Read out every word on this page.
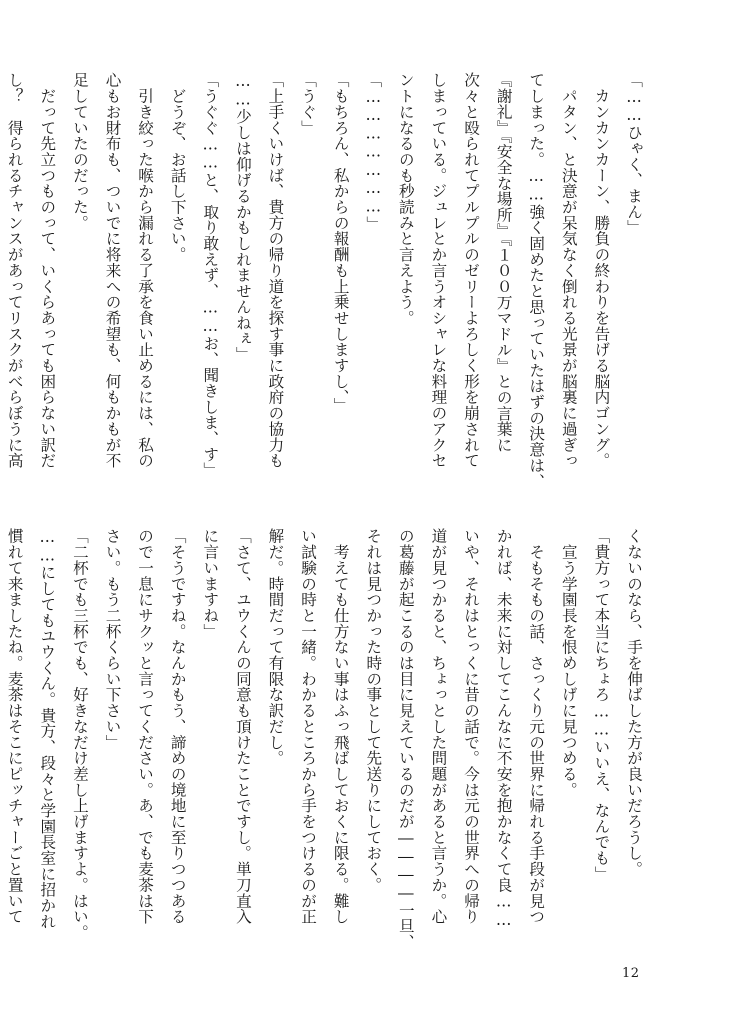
「……ひゃく、まん」
　カンカンカーン、勝負の終わりを告げる脳内ゴング。
　パタン、と決意が呆気なく倒れる光景が脳裏に過ぎっ
てしまった。……強く固めたと思っていたはずの決意は、
『謝礼』『安全な場所』『１００万マドル』との言葉に
次々と殴られてプルプルのゼリーよろしく形を崩されて
しまっている。ジュレとか言うオシャレな料理のアクセ
ントになるのも秒読みと言えよう。
「…………………」
「もちろん、私からの報酬も上乗せしますし、」
「うぐ」
「上手くいけば、貴方の帰り道を探す事に政府の協力も
……少しは仰げるかもしれませんねぇ」
「うぐぐ……と、取り敢えず、……お、聞きしま、す」
　どうぞ、お話し下さい。
　引き絞った喉から漏れる了承を食い止めるには、私の
心もお財布も、ついでに将来への希望も、何もかもが不
足していたのだった。
　だって先立つものって、いくらあっても困らない訳だ
し？　得られるチャンスがあってリスクがべらぼうに高
くないのなら、手を伸ばした方が良いだろうし。
「貴方って本当にちょろ……いいえ、なんでも」
　宣う学園長を恨めしげに見つめる。
　そもそもの話、さっくり元の世界に帰れる手段が見つ
かれば、未来に対してこんなに不安を抱かなくて良……
いや、それはとっくに昔の話で。今は元の世界への帰り
道が見つかると、ちょっとした問題があると言うか。心
の葛藤が起こるのは目に見えているのだが――――一旦、
それは見つかった時の事として先送りにしておく。
　考えても仕方ない事はふっ飛ばしておくに限る。難し
い試験の時と一緒。わかるところから手をつけるのが正
解だ。時間だって有限な訳だし。
「さて、ユウくんの同意も頂けたことですし。単刀直入
に言いますね」
「そうですね。なんかもう、諦めの境地に至りつつある
ので一息にサクッと言ってください。あ、でも麦茶は下
さい。もう二杯くらい下さい」
「二杯でも三杯でも、好きなだけ差し上げますよ。はい。
……にしてもユウくん。貴方、段々と学園長室に招かれ
慣れて来ましたね。麦茶はそこにピッチャーごと置いて
12
